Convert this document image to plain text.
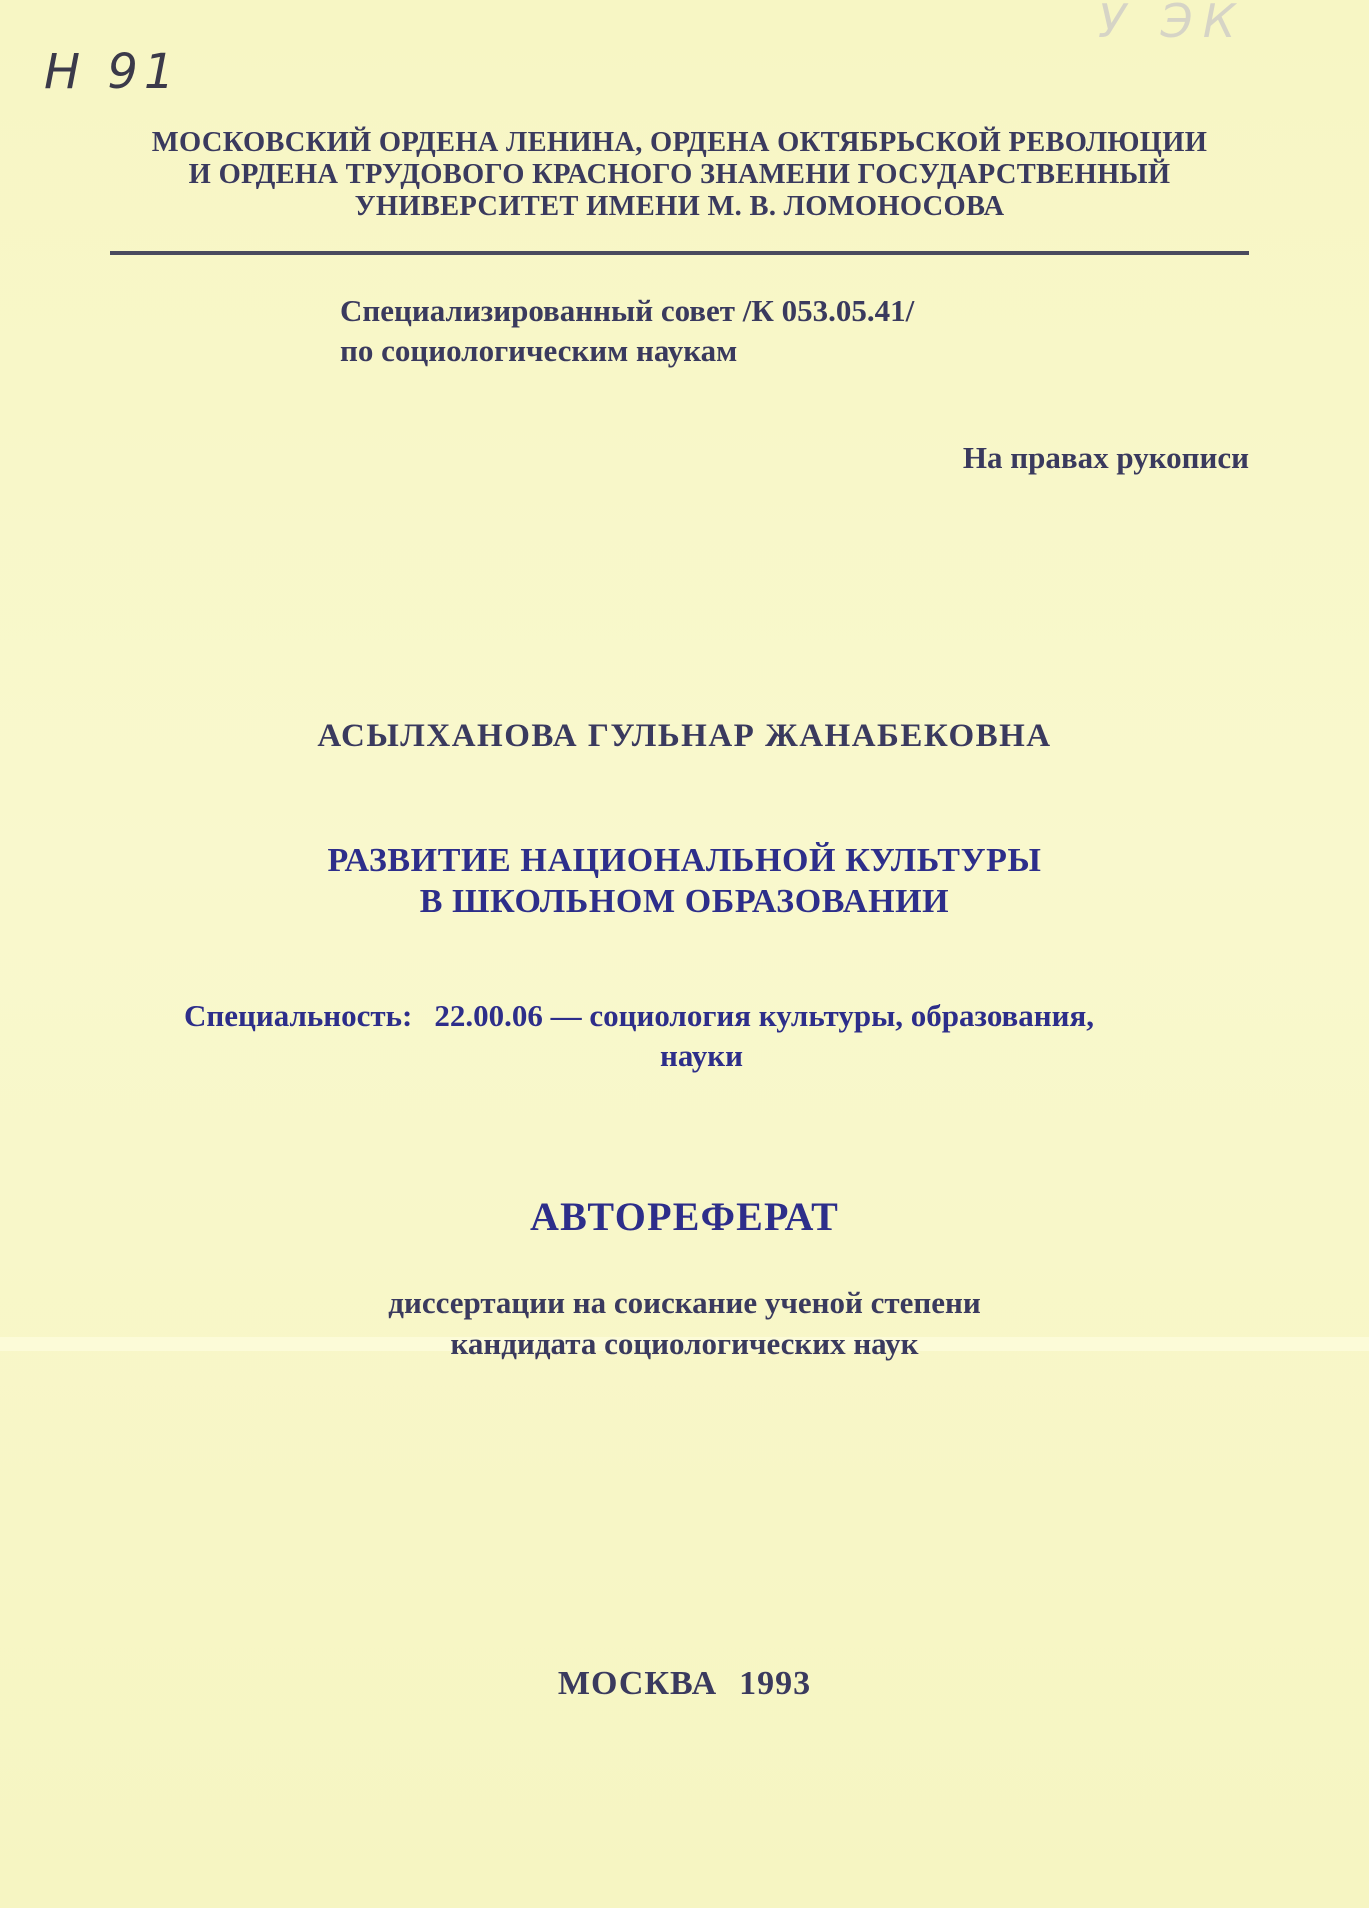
Н 91
У ЭК
МОСКОВСКИЙ ОРДЕНА ЛЕНИНА, ОРДЕНА ОКТЯБРЬСКОЙ РЕВОЛЮЦИИ
И ОРДЕНА ТРУДОВОГО КРАСНОГО ЗНАМЕНИ ГОСУДАРСТВЕННЫЙ
УНИВЕРСИТЕТ ИМЕНИ М. В. ЛОМОНОСОВА
Специализированный совет /К 053.05.41/
по социологическим наукам
На правах рукописи
АСЫЛХАНОВА ГУЛЬНАР ЖАНАБЕКОВНА
РАЗВИТИЕ НАЦИОНАЛЬНОЙ КУЛЬТУРЫ
В ШКОЛЬНОМ ОБРАЗОВАНИИ
Специальность: 22.00.06 — социология культуры, образования,
науки
АВТОРЕФЕРАТ
диссертации на соискание ученой степени
кандидата социологических наук
МОСКВА 1993
